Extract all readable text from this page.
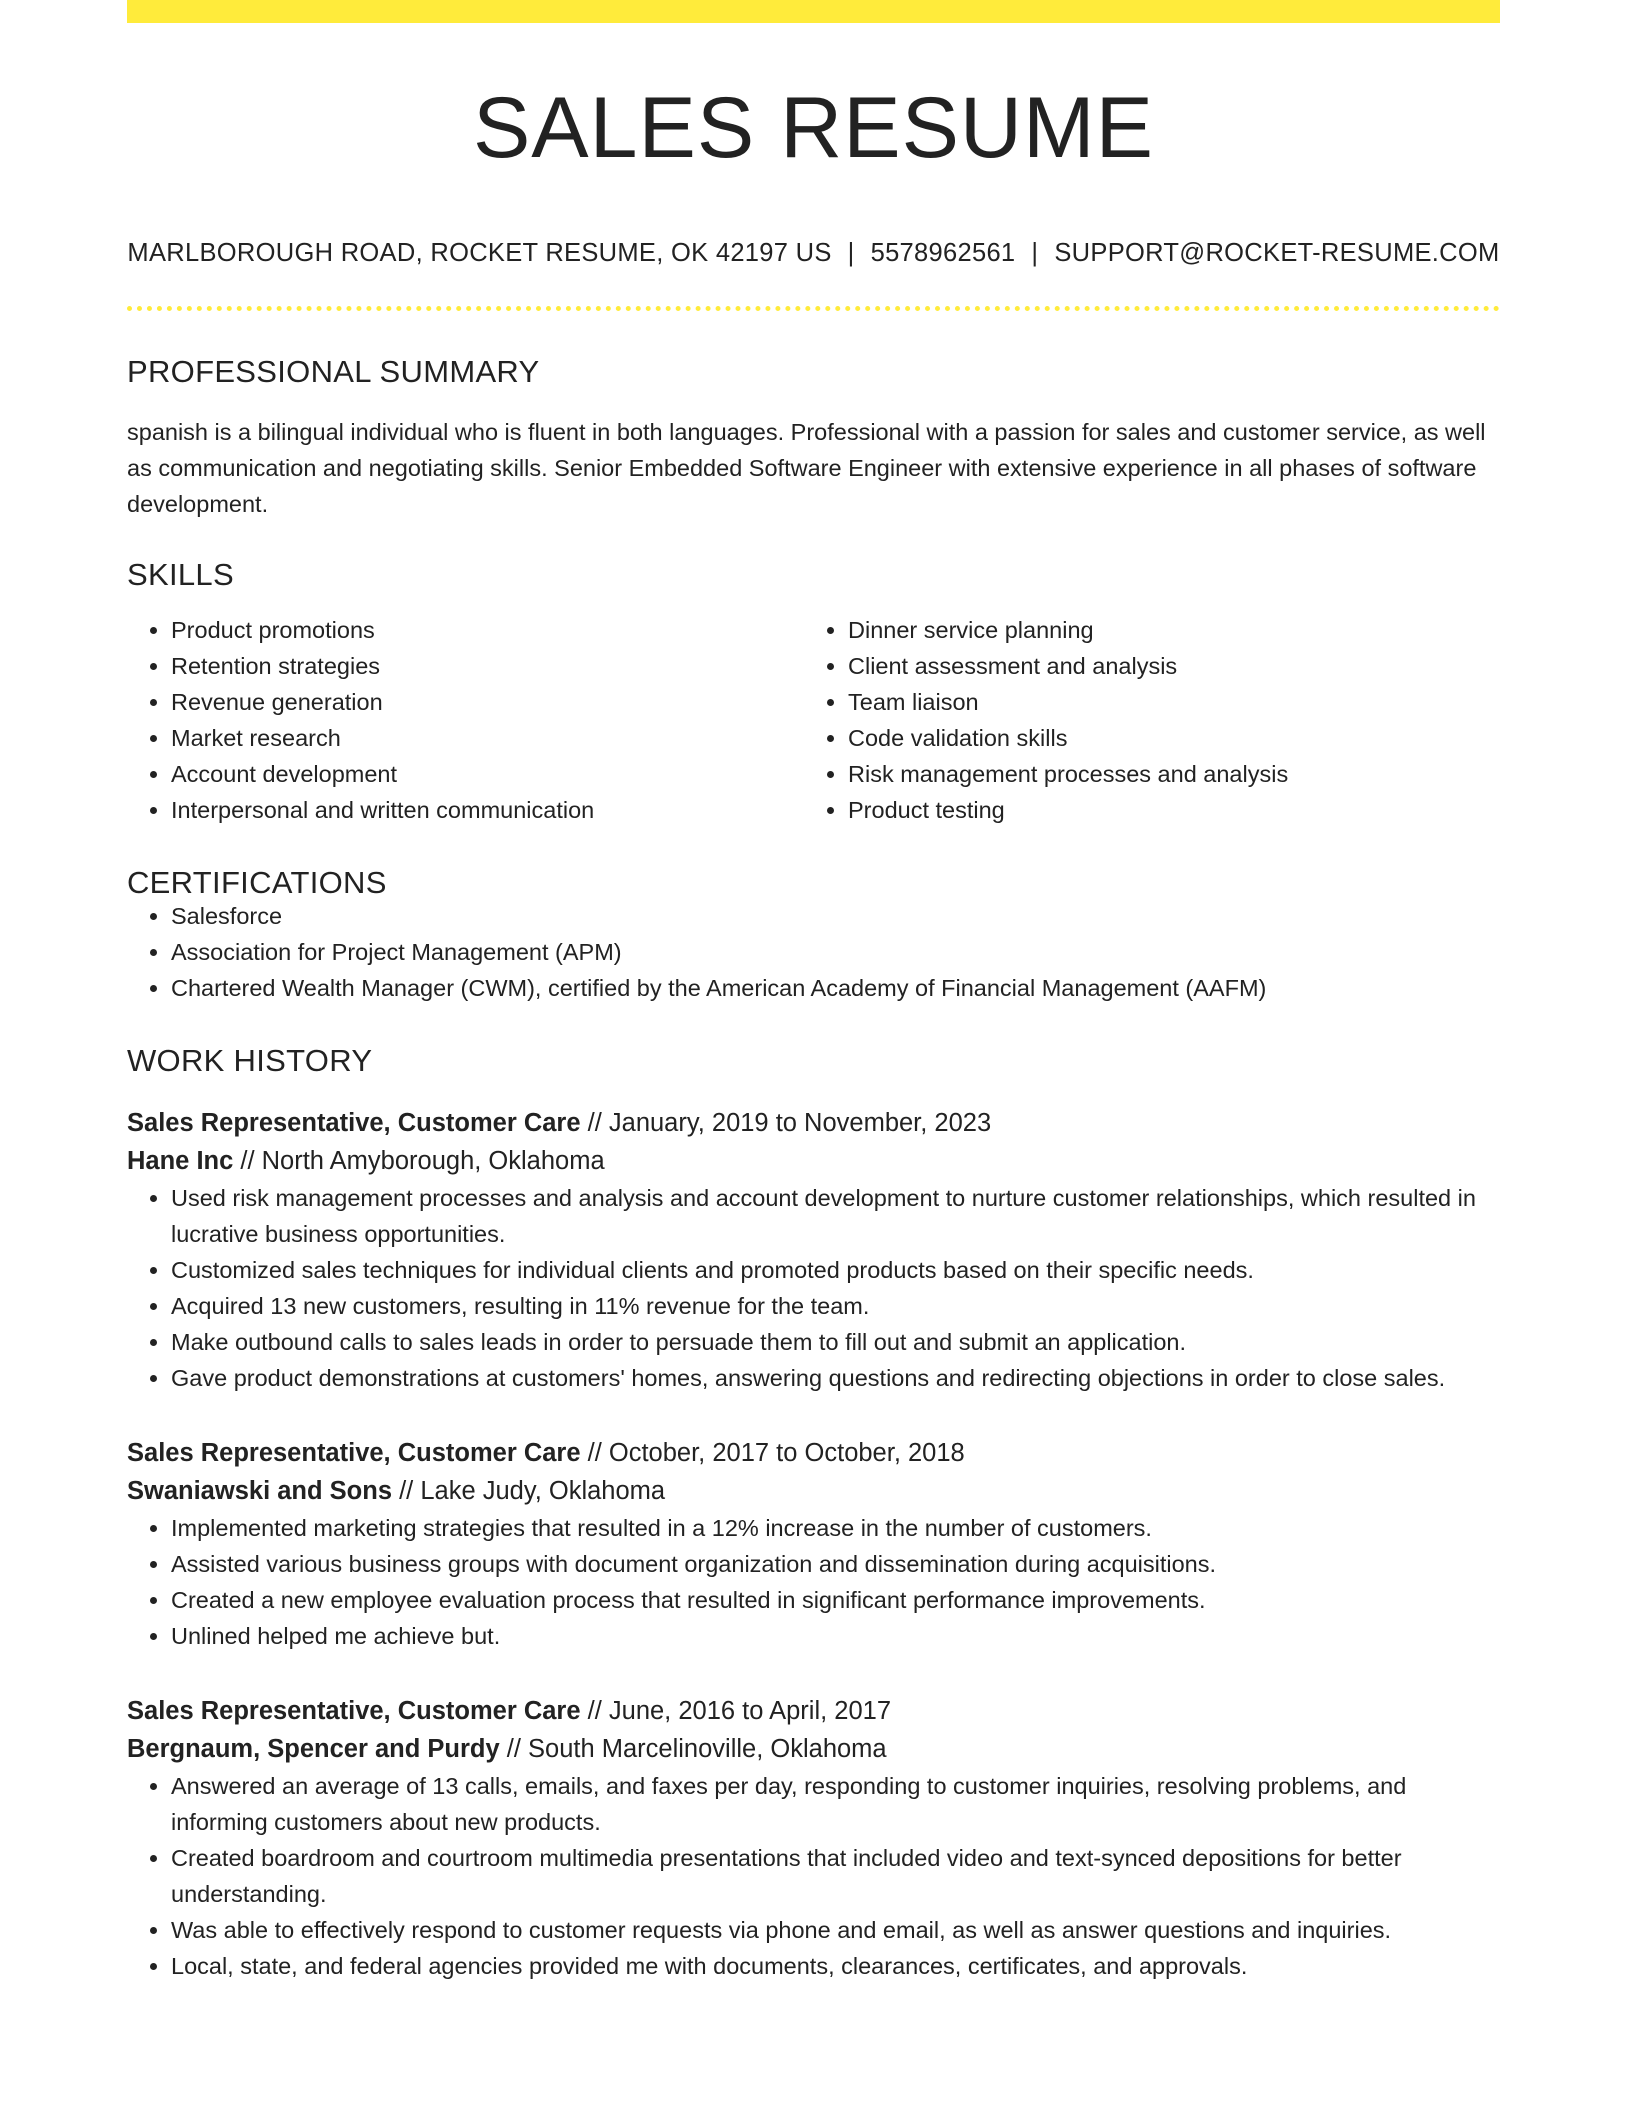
SALES RESUME
MARLBOROUGH ROAD, ROCKET RESUME, OK 42197 US | 5578962561 | SUPPORT@ROCKET-RESUME.COM
PROFESSIONAL SUMMARY

spanish is a bilingual individual who is fluent in both languages. Professional with a passion for sales and customer service, as well as communication and negotiating skills. Senior Embedded Software Engineer with extensive experience in all phases of software development.

SKILLS
• Product promotions
• Retention strategies
• Revenue generation
• Market research
• Account development
• Interpersonal and written communication
• Dinner service planning
• Client assessment and analysis
• Team liaison
• Code validation skills
• Risk management processes and analysis
• Product testing
CERTIFICATIONS
• Salesforce
• Association for Project Management (APM)
• Chartered Wealth Manager (CWM), certified by the American Academy of Financial Management (AAFM)
WORK HISTORY
Sales Representative, Customer Care // January, 2019 to November, 2023
Hane Inc // North Amyborough, Oklahoma
• Used risk management processes and analysis and account development to nurture customer relationships, which resulted in lucrative business opportunities.
• Customized sales techniques for individual clients and promoted products based on their specific needs.
• Acquired 13 new customers, resulting in 11% revenue for the team.
• Make outbound calls to sales leads in order to persuade them to fill out and submit an application.
• Gave product demonstrations at customers' homes, answering questions and redirecting objections in order to close sales.
Sales Representative, Customer Care // October, 2017 to October, 2018
Swaniawski and Sons // Lake Judy, Oklahoma
• Implemented marketing strategies that resulted in a 12% increase in the number of customers.
• Assisted various business groups with document organization and dissemination during acquisitions.
• Created a new employee evaluation process that resulted in significant performance improvements.
• Unlined helped me achieve but.
Sales Representative, Customer Care // June, 2016 to April, 2017
Bergnaum, Spencer and Purdy // South Marcelinoville, Oklahoma
• Answered an average of 13 calls, emails, and faxes per day, responding to customer inquiries, resolving problems, and informing customers about new products.
• Created boardroom and courtroom multimedia presentations that included video and text-synced depositions for better understanding.
• Was able to effectively respond to customer requests via phone and email, as well as answer questions and inquiries.
• Local, state, and federal agencies provided me with documents, clearances, certificates, and approvals.
